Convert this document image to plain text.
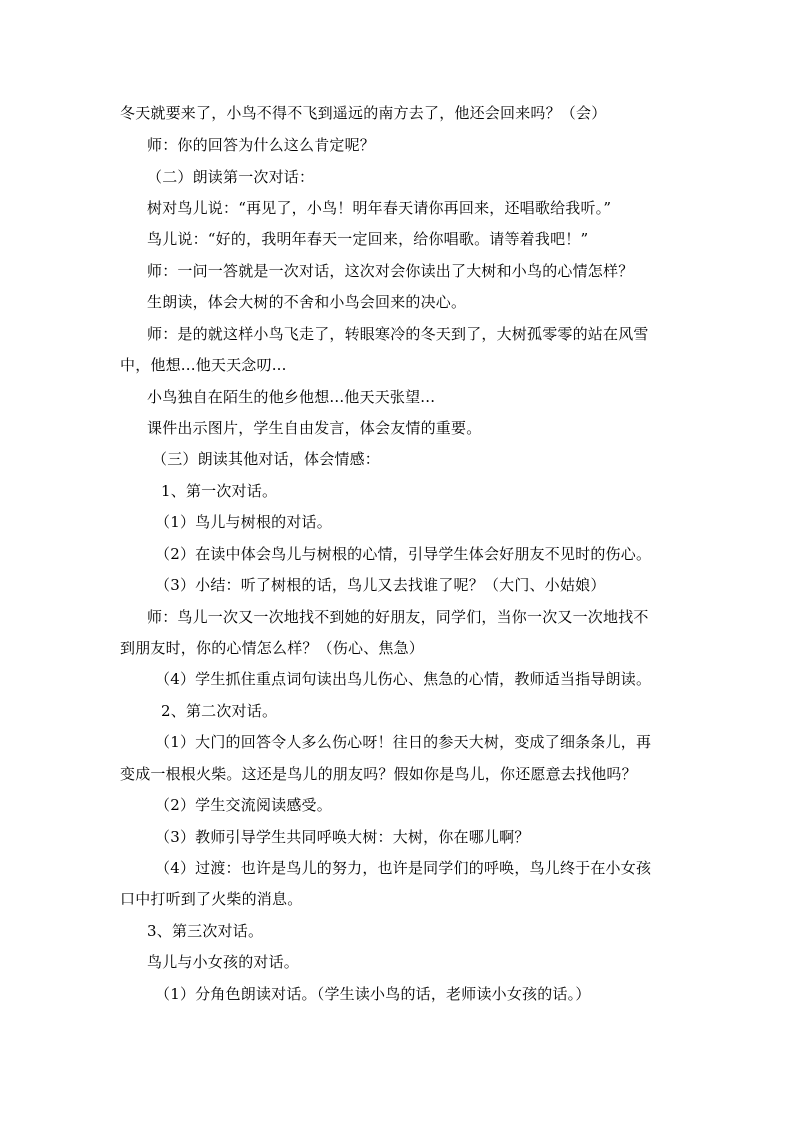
冬天就要来了，小鸟不得不飞到遥远的南方去了，他还会回来吗？（会）
师：你的回答为什么这么肯定呢？
（二）朗读第一次对话：
树对鸟儿说：“再见了，小鸟！明年春天请你再回来，还唱歌给我听。”
鸟儿说：“好的，我明年春天一定回来，给你唱歌。请等着我吧！”
师：一问一答就是一次对话，这次对会你读出了大树和小鸟的心情怎样？
生朗读，体会大树的不舍和小鸟会回来的决心。
师：是的就这样小鸟飞走了，转眼寒冷的冬天到了，大树孤零零的站在风雪
中，他想...他天天念叨...
小鸟独自在陌生的他乡他想...他天天张望...
课件出示图片，学生自由发言，体会友情的重要。
（三）朗读其他对话，体会情感：
1、第一次对话。
（1）鸟儿与树根的对话。
（2）在读中体会鸟儿与树根的心情，引导学生体会好朋友不见时的伤心。
（3）小结：听了树根的话，鸟儿又去找谁了呢？（大门、小姑娘）
师：鸟儿一次又一次地找不到她的好朋友，同学们，当你一次又一次地找不
到朋友时，你的心情怎么样？（伤心、焦急）
（4）学生抓住重点词句读出鸟儿伤心、焦急的心情，教师适当指导朗读。
2、第二次对话。
（1）大门的回答令人多么伤心呀！往日的参天大树，变成了细条条儿，再
变成一根根火柴。这还是鸟儿的朋友吗？假如你是鸟儿，你还愿意去找他吗？
（2）学生交流阅读感受。
（3）教师引导学生共同呼唤大树：大树，你在哪儿啊？
（4）过渡：也许是鸟儿的努力，也许是同学们的呼唤，鸟儿终于在小女孩
口中打听到了火柴的消息。
3、第三次对话。
鸟儿与小女孩的对话。
（1）分角色朗读对话。（学生读小鸟的话，老师读小女孩的话。）
